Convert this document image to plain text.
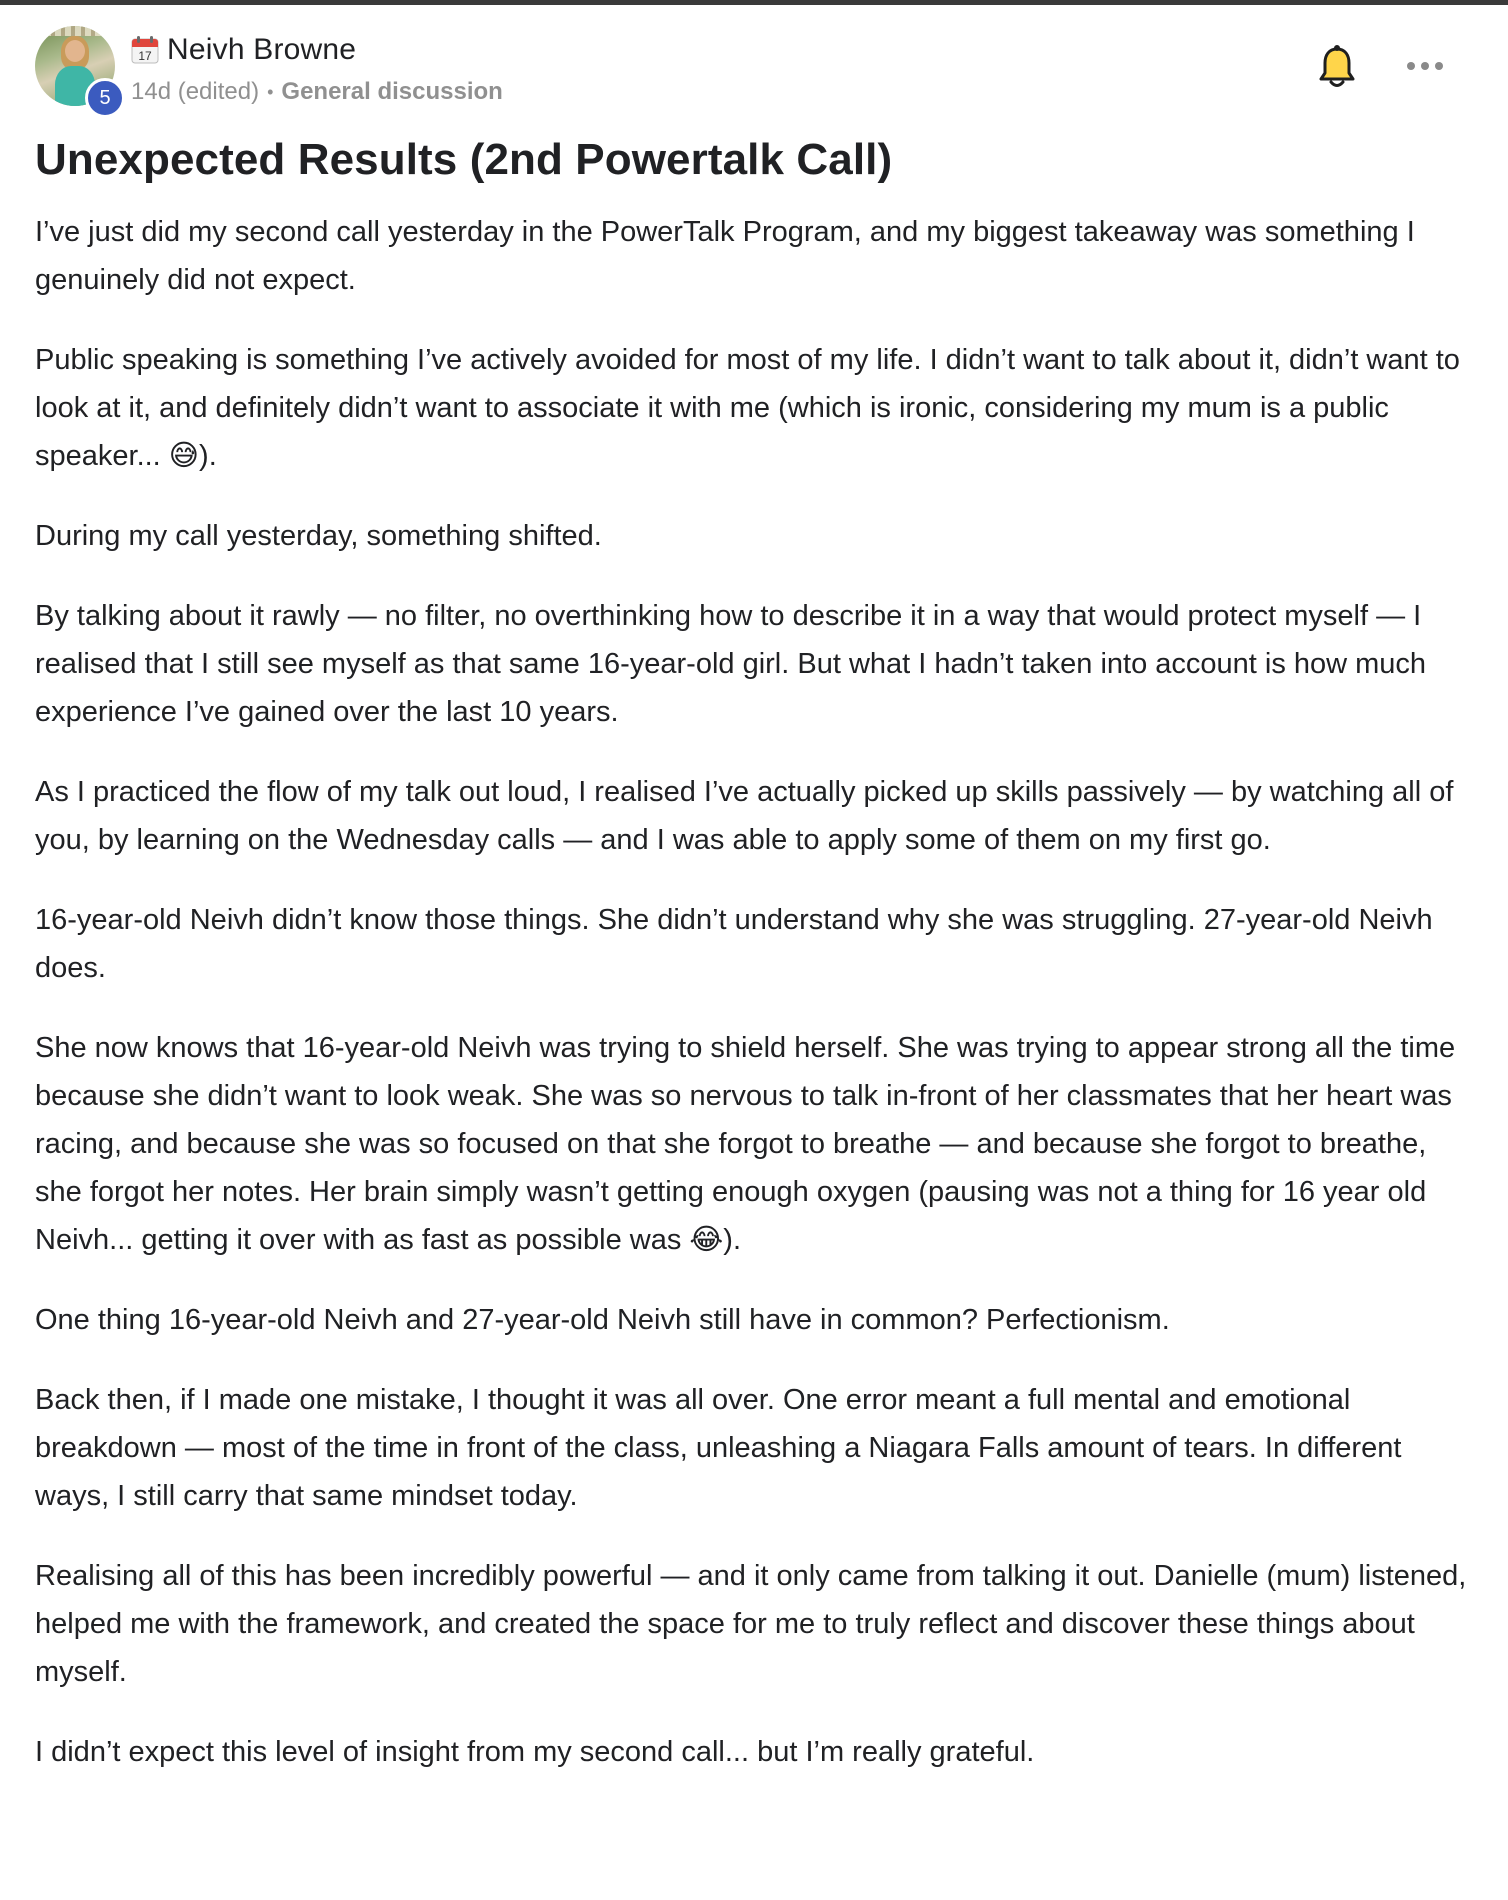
5
17 Neivh Browne
14d (edited) • General discussion
Unexpected Results (2nd Powertalk Call)

I’ve just did my second call yesterday in the PowerTalk Program, and my biggest takeaway was something I genuinely did not expect.

Public speaking is something I’ve actively avoided for most of my life. I didn’t want to talk about it, didn’t want to look at it, and definitely didn’t want to associate it with me (which is ironic, considering my mum is a public speaker... 😅).

During my call yesterday, something shifted.

By talking about it rawly — no filter, no overthinking how to describe it in a way that would protect myself — I realised that I still see myself as that same 16-year-old girl. But what I hadn’t taken into account is how much experience I’ve gained over the last 10 years.

As I practiced the flow of my talk out loud, I realised I’ve actually picked up skills passively — by watching all of you, by learning on the Wednesday calls — and I was able to apply some of them on my first go.

16-year-old Neivh didn’t know those things. She didn’t understand why she was struggling. 27-year-old Neivh does.

She now knows that 16-year-old Neivh was trying to shield herself. She was trying to appear strong all the time because she didn’t want to look weak. She was so nervous to talk in-front of her classmates that her heart was racing, and because she was so focused on that she forgot to breathe — and because she forgot to breathe, she forgot her notes. Her brain simply wasn’t getting enough oxygen (pausing was not a thing for 16 year old Neivh... getting it over with as fast as possible was 😂).

One thing 16-year-old Neivh and 27-year-old Neivh still have in common? Perfectionism.

Back then, if I made one mistake, I thought it was all over. One error meant a full mental and emotional breakdown — most of the time in front of the class, unleashing a Niagara Falls amount of tears. In different ways, I still carry that same mindset today.

Realising all of this has been incredibly powerful — and it only came from talking it out. Danielle (mum) listened, helped me with the framework, and created the space for me to truly reflect and discover these things about myself.

I didn’t expect this level of insight from my second call... but I’m really grateful.
